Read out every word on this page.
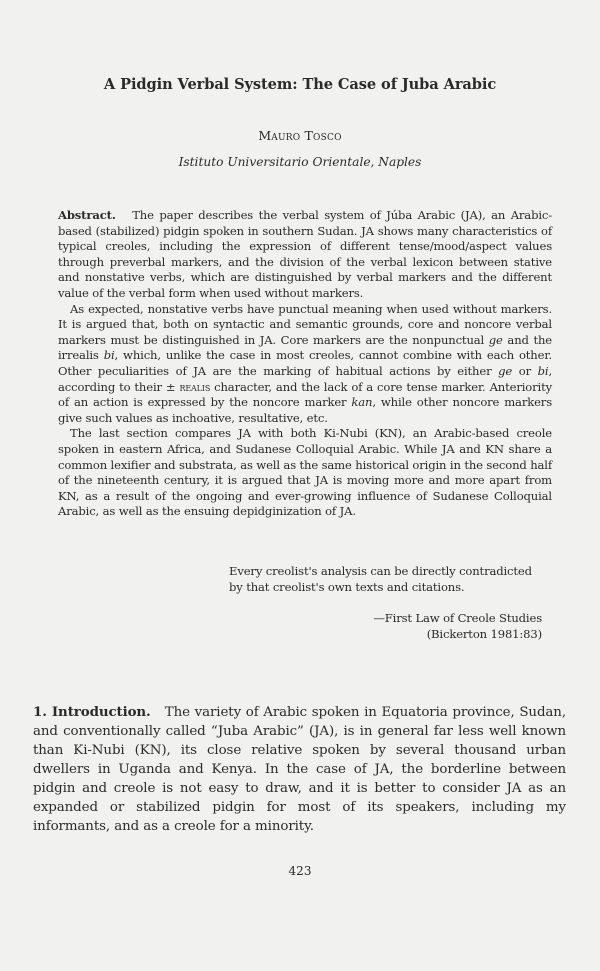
A Pidgin Verbal System: The Case of Juba Arabic
Mauro Tosco
Istituto Universitario Orientale, Naples

Abstract. The paper describes the verbal system of Júba Arabic (JA), an Arabic-based (stabilized) pidgin spoken in southern Sudan. JA shows many characteristics of typical creoles, including the expression of different tense/mood/aspect values through preverbal markers, and the division of the verbal lexicon between stative and nonstative verbs, which are distinguished by verbal markers and the different value of the verbal form when used without markers.

As expected, nonstative verbs have punctual meaning when used without markers. It is argued that, both on syntactic and semantic grounds, core and noncore verbal markers must be distinguished in JA. Core markers are the nonpunctual ge and the irrealis bi, which, unlike the case in most creoles, cannot combine with each other. Other peculiarities of JA are the marking of habitual actions by either ge or bi, according to their ± realis character, and the lack of a core tense marker. Anteriority of an action is expressed by the noncore marker kan, while other noncore markers give such values as inchoative, resultative, etc.

The last section compares JA with both Ki-Nubi (KN), an Arabic-based creole spoken in eastern Africa, and Sudanese Colloquial Arabic. While JA and KN share a common lexifier and substrata, as well as the same historical origin in the second half of the nineteenth century, it is argued that JA is moving more and more apart from KN, as a result of the ongoing and ever-growing influence of Sudanese Colloquial Arabic, as well as the ensuing depidginization of JA.

Every creolist's analysis can be directly contradicted by that creolist's own texts and citations.
—First Law of Creole Studies
(Bickerton 1981:83)
1. Introduction. The variety of Arabic spoken in Equatoria province, Sudan, and conventionally called “Juba Arabic” (JA), is in general far less well known than Ki-Nubi (KN), its close relative spoken by several thousand urban dwellers in Uganda and Kenya. In the case of JA, the borderline between pidgin and creole is not easy to draw, and it is better to consider JA as an expanded or stabilized pidgin for most of its speakers, including my informants, and as a creole for a minority.
423
